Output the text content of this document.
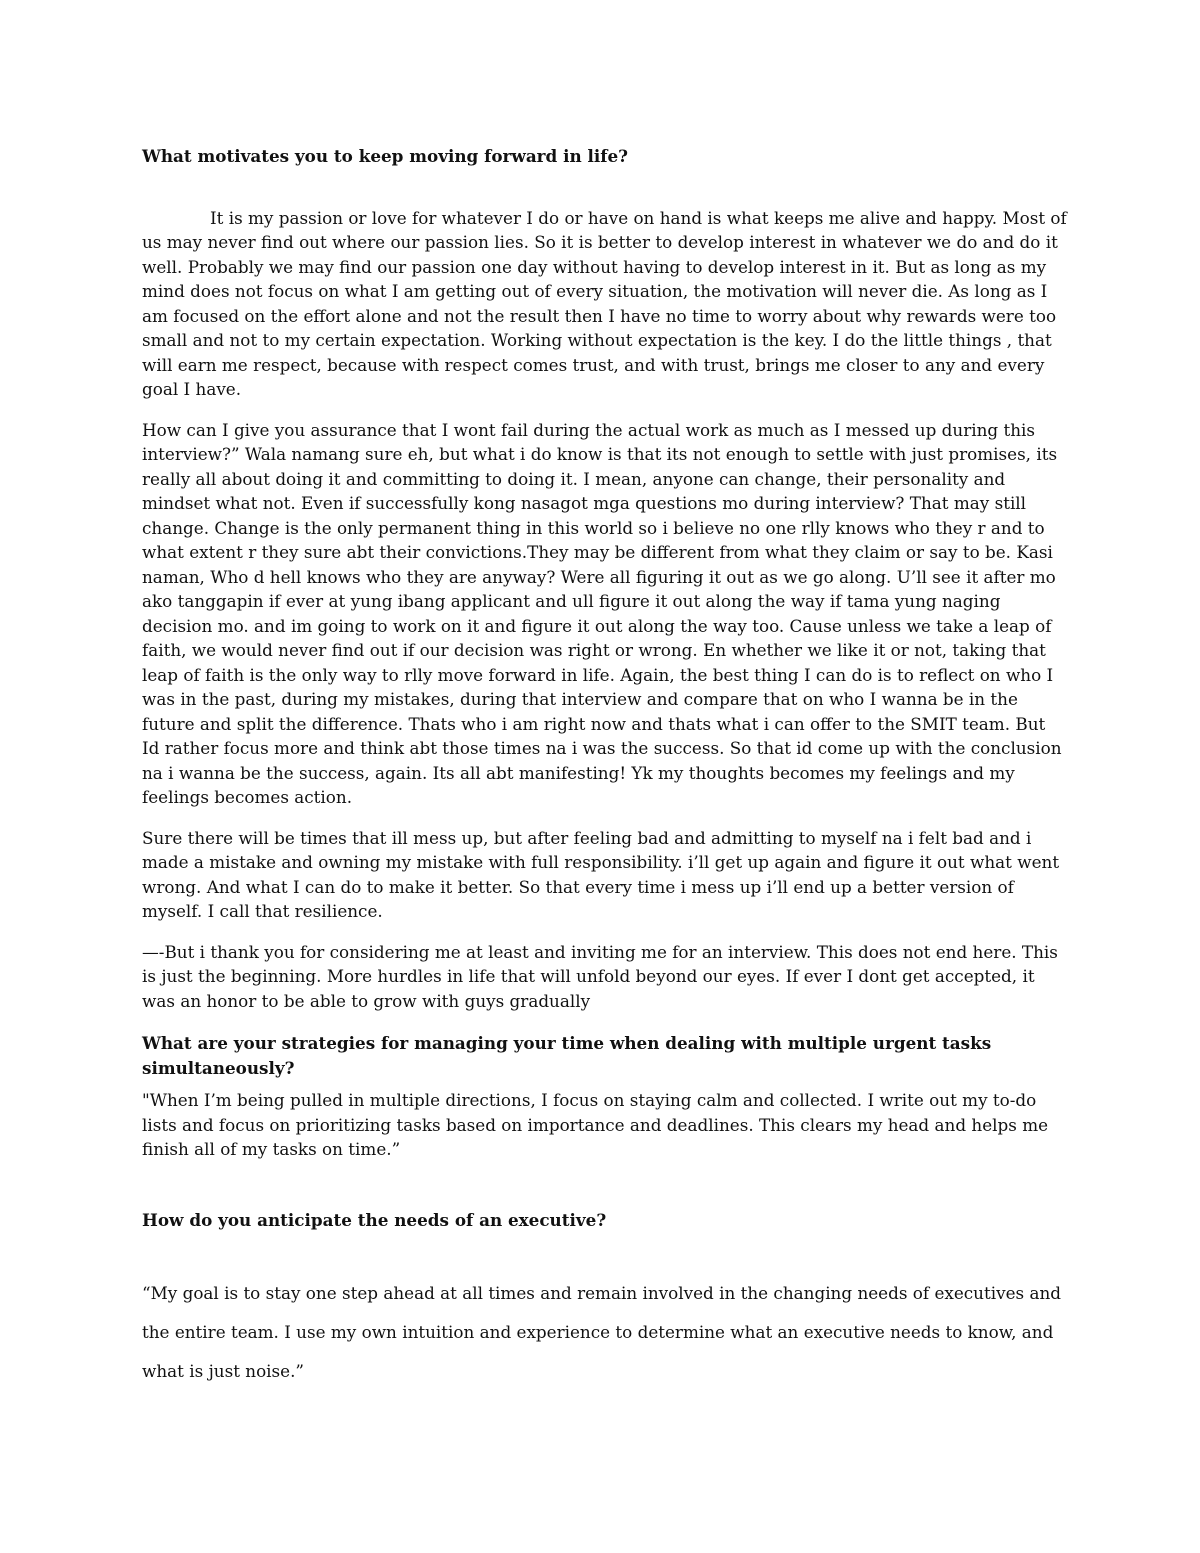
What motivates you to keep moving forward in life?

It is my passion or love for whatever I do or have on hand is what keeps me alive and happy. Most of us may never find out where our passion lies. So it is better to develop interest in whatever we do and do it well. Probably we may find our passion one day without having to develop interest in it. But as long as my mind does not focus on what I am getting out of every situation, the motivation will never die. As long as I am focused on the effort alone and not the result then I have no time to worry about why rewards were too small and not to my certain expectation. Working without expectation is the key. I do the little things , that will earn me respect, because with respect comes trust, and with trust, brings me closer to any and every goal I have.

How can I give you assurance that I wont fail during the actual work as much as I messed up during this interview?” Wala namang sure eh, but what i do know is that its not enough to settle with just promises, its really all about doing it and committing to doing it. I mean, anyone can change, their personality and mindset what not. Even if successfully kong nasagot mga questions mo during interview? That may still change. Change is the only permanent thing in this world so i believe no one rlly knows who they r and to what extent r they sure abt their convictions.They may be different from what they claim or say to be. Kasi naman, Who d hell knows who they are anyway? Were all figuring it out as we go along. U’ll see it after mo ako tanggapin if ever at yung ibang applicant and ull figure it out along the way if tama yung naging decision mo. and im going to work on it and figure it out along the way too. Cause unless we take a leap of faith, we would never find out if our decision was right or wrong. En whether we like it or not, taking that leap of faith is the only way to rlly move forward in life. Again, the best thing I can do is to reflect on who I was in the past, during my mistakes, during that interview and compare that on who I wanna be in the future and split the difference. Thats who i am right now and thats what i can offer to the SMIT team. But Id rather focus more and think abt those times na i was the success. So that id come up with the conclusion na i wanna be the success, again. Its all abt manifesting! Yk my thoughts becomes my feelings and my feelings becomes action.

Sure there will be times that ill mess up, but after feeling bad and admitting to myself na i felt bad and i made a mistake and owning my mistake with full responsibility. i’ll get up again and figure it out what went wrong. And what I can do to make it better. So that every time i mess up i’ll end up a better version of myself. I call that resilience.

—-But i thank you for considering me at least and inviting me for an interview. This does not end here. This is just the beginning. More hurdles in life that will unfold beyond our eyes. If ever I dont get accepted, it was an honor to be able to grow with guys gradually

What are your strategies for managing your time when dealing with multiple urgent tasks simultaneously?

"When I’m being pulled in multiple directions, I focus on staying calm and collected. I write out my to-do lists and focus on prioritizing tasks based on importance and deadlines. This clears my head and helps me finish all of my tasks on time.”

How do you anticipate the needs of an executive?

“My goal is to stay one step ahead at all times and remain involved in the changing needs of executives and the entire team. I use my own intuition and experience to determine what an executive needs to know, and what is just noise.”
